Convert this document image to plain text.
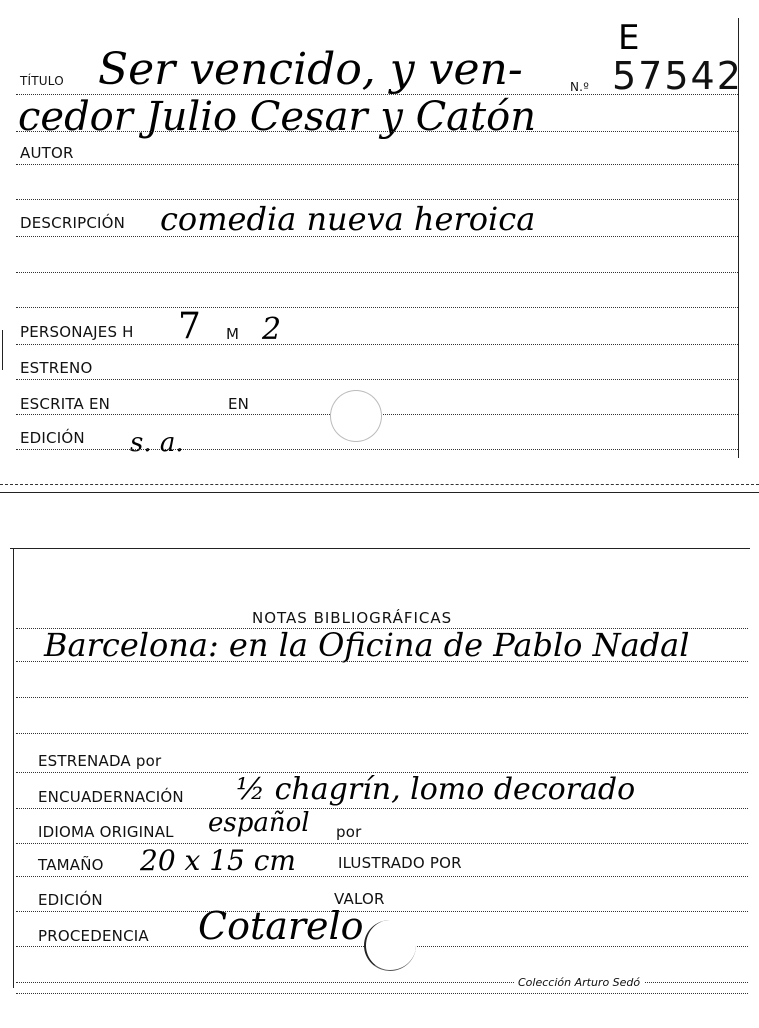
E
TÍTULO Ser vencido, y ven-	N.º 57542
cedor Julio Cesar y Catón
AUTOR
DESCRIPCIÓN comedia nueva heroica
PERSONAJES H 7 M 2
ESTRENO
ESCRITA EN	EN
EDICIÓN s. a.
NOTAS BIBLIOGRÁFICAS
Barcelona: en la Oficina de Pablo Nadal
ESTRENADA por
ENCUADERNACIÓN ½ chagrín, lomo decorado
IDIOMA ORIGINAL español por
TAMAÑO 20 x 15 cm	ILUSTRADO POR
EDICIÓN	VALOR
PROCEDENCIA Cotarelo
Colección Arturo Sedó
